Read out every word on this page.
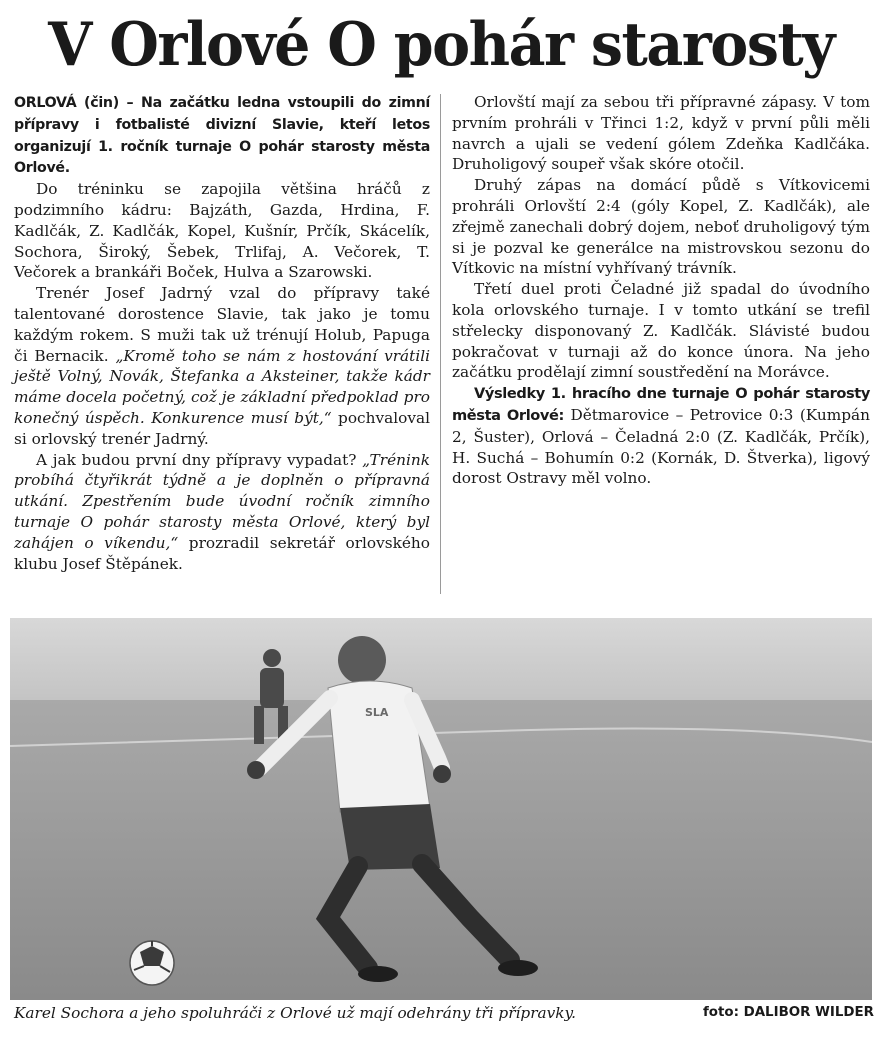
V Orlové O pohár starosty

ORLOVÁ (čin) – Na začátku ledna vstoupili do zimní přípravy i fotbalisté divizní Slavie, kteří letos organizují 1. ročník turnaje O pohár starosty města Orlové.

Do tréninku se zapojila většina hráčů z podzimního kádru: Bajzáth, Gazda, Hrdina, F. Kadlčák, Z. Kadlčák, Kopel, Kušnír, Prčík, Skácelík, Sochora, Široký, Šebek, Trlifaj, A. Večorek, T. Večorek a brankáři Boček, Hulva a Szarowski.

Trenér Josef Jadrný vzal do přípravy také talentované dorostence Slavie, tak jako je tomu každým rokem. S muži tak už trénují Holub, Papuga či Bernacik. „Kromě toho se nám z hostování vrátili ještě Volný, Novák, Štefanka a Aksteiner, takže kádr máme docela početný, což je základní předpoklad pro konečný úspěch. Konkurence musí být,“ pochvaloval si orlovský trenér Jadrný.

A jak budou první dny přípravy vypadat? „Trénink probíhá čtyřikrát týdně a je doplněn o přípravná utkání. Zpestřením bude úvodní ročník zimního turnaje O pohár starosty města Orlové, který byl zahájen o víkendu,“ prozradil sekretář orlovského klubu Josef Štěpánek.

Orlovští mají za sebou tři přípravné zápasy. V tom prvním prohráli v Třinci 1:2, když v první půli měli navrch a ujali se vedení gólem Zdeňka Kadlčáka. Druholigový soupeř však skóre otočil.

Druhý zápas na domácí půdě s Vítkovicemi prohráli Orlovští 2:4 (góly Kopel, Z. Kadlčák), ale zřejmě zanechali dobrý dojem, neboť druholigový tým si je pozval ke generálce na mistrovskou sezonu do Vítkovic na místní vyhřívaný trávník.

Třetí duel proti Čeladné již spadal do úvodního kola orlovského turnaje. I v tomto utkání se trefil střelecky disponovaný Z. Kadlčák. Slávisté budou pokračovat v turnaji až do konce února. Na jeho začátku prodělají zimní soustředění na Morávce.

Výsledky 1. hracího dne turnaje O pohár starosty města Orlové: Dětmarovice – Petrovice 0:3 (Kumpán 2, Šuster), Orlová – Čeladná 2:0 (Z. Kadlčák, Prčík), H. Suchá – Bohumín 0:2 (Kornák, D. Štverka), ligový dorost Ostravy měl volno.

SLA
Karel Sochora a jeho spoluhráči z Orlové už mají odehrány tři přípravky.	foto: DALIBOR WILDER
